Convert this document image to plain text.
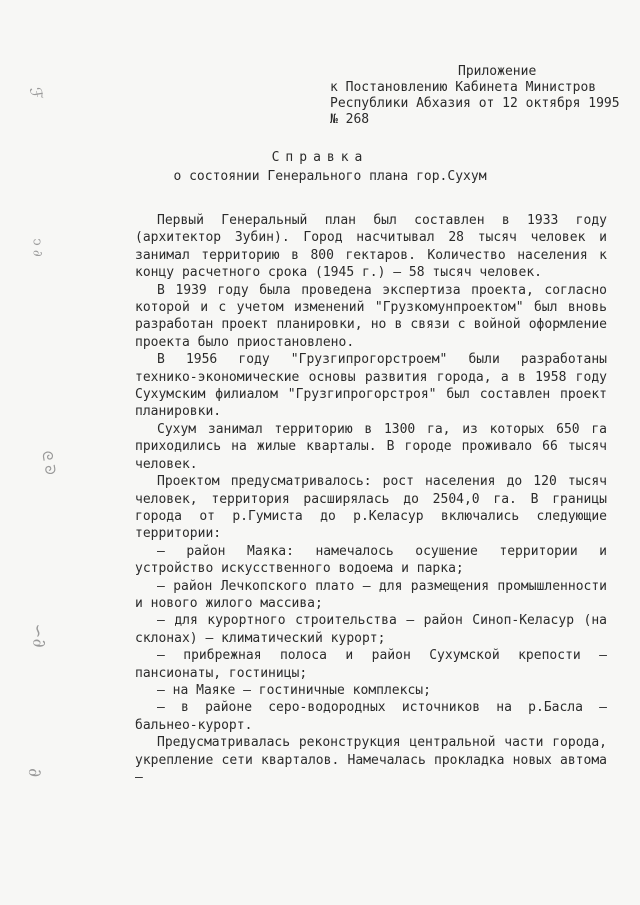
ℱ
ↄ ∂
ᘓ ᘐ
∽∂
∂
Приложение
к Постановлению Кабинета Министров
Республики Абхазия от 12 октября 1995
№ 268
Справка
о состоянии Генерального плана гор.Сухум

Первый Генеральный план был составлен в 1933 году (архитектор Зубин). Город насчитывал 28 тысяч человек и занимал территорию в 800 гектаров. Количество населения к концу расчетного срока (1945 г.) – 58 тысяч человек.

В 1939 году была проведена экспертиза проекта, согласно которой и с учетом изменений "Грузкомунпроектом" был вновь разработан проект планировки, но в связи с войной оформление проекта было приостановлено.

В 1956 году "Грузгипрогорстроем" были разработаны технико-экономические основы развития города, а в 1958 году Сухумским филиалом "Грузгипрогорстроя" был составлен проект планировки.

Сухум занимал территорию в 1300 га, из которых 650 га приходились на жилые кварталы. В городе проживало 66 тысяч человек.

Проектом предусматривалось: рост населения до 120 тысяч человек, территория расширялась до 2504,0 га. В границы города от р.Гумиста до р.Келасур включались следующие территории:

– район Маяка: намечалось осушение территории и устройство искусственного водоема и парка;

– район Лечкопского плато – для размещения промышленности и нового жилого массива;

– для курортного строительства – район Синоп-Келасур (на склонах) – климатический курорт;

– прибрежная полоса и район Сухумской крепости – пансионаты, гостиницы;

– на Маяке – гостиничные комплексы;

– в районе серо-водородных источников на р.Басла – бальнео-курорт.

Предусматривалась реконструкция центральной части города, укрепление сети кварталов. Намечалась прокладка новых автома –
